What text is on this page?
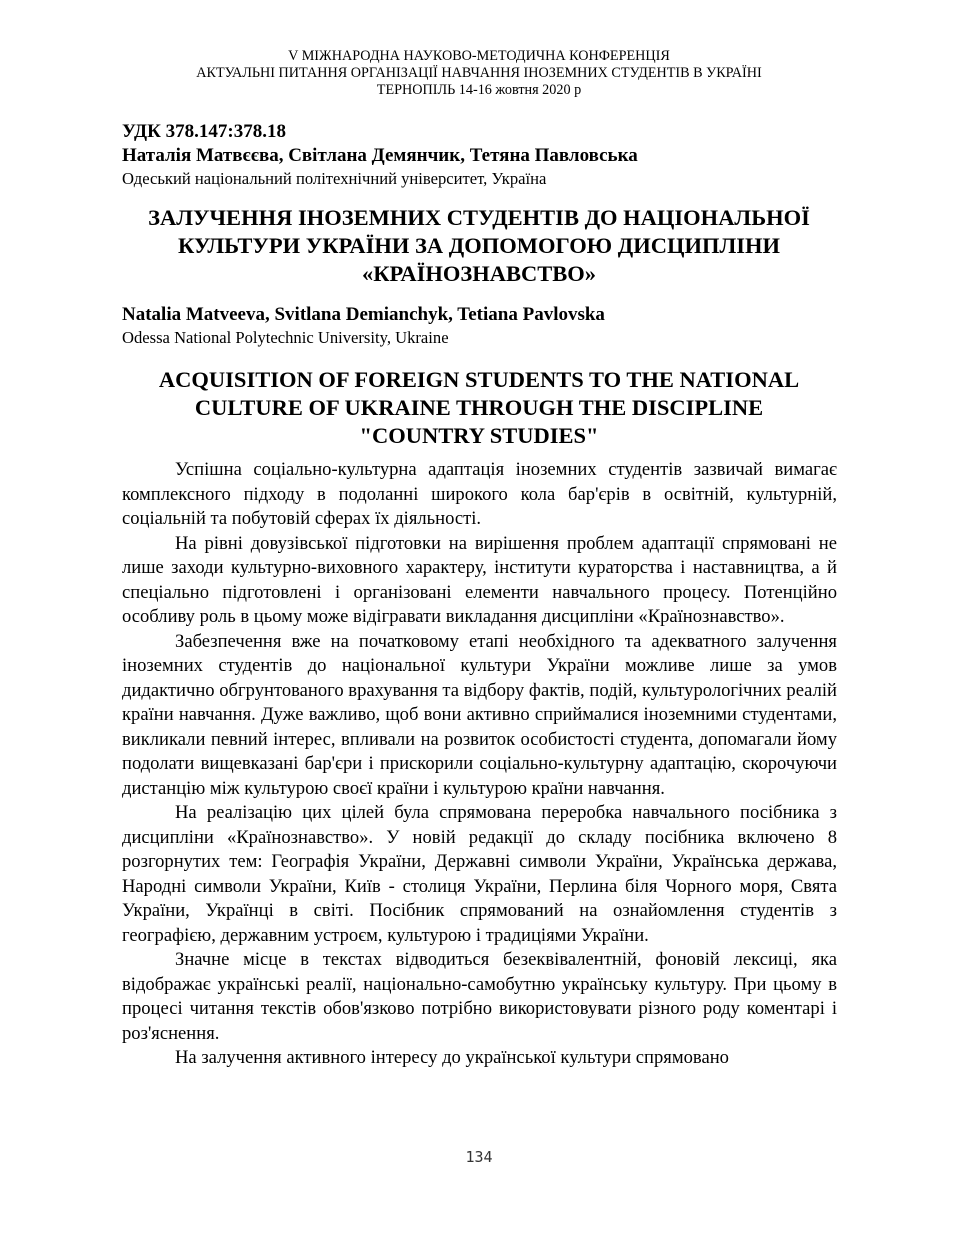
V МІЖНАРОДНА НАУКОВО-МЕТОДИЧНА КОНФЕРЕНЦІЯ
АКТУАЛЬНІ ПИТАННЯ ОРГАНІЗАЦІЇ НАВЧАННЯ ІНОЗЕМНИХ СТУДЕНТІВ В УКРАЇНІ
ТЕРНОПІЛЬ 14-16 жовтня 2020 р
УДК 378.147:378.18
Наталія Матвєєва, Світлана Демянчик, Тетяна Павловська
Одеський національний політехнічний університет, Україна
ЗАЛУЧЕННЯ ІНОЗЕМНИХ СТУДЕНТІВ ДО НАЦІОНАЛЬНОЇ
КУЛЬТУРИ УКРАЇНИ ЗА ДОПОМОГОЮ ДИСЦИПЛІНИ
«КРАЇНОЗНАВСТВО»
Natalia Matveeva, Svitlana Demianchyk, Tetiana Pavlovska
Odessa National Polytechnic University, Ukraine
ACQUISITION OF FOREIGN STUDENTS TO THE NATIONAL
CULTURE OF UKRAINE THROUGH THE DISCIPLINE
"COUNTRY STUDIES"

Успішна соціально-культурна адаптація іноземних студентів зазвичай вимагає комплексного підходу в подоланні широкого кола бар'єрів в освітній, культурній, соціальній та побутовій сферах їх діяльності.

На рівні довузівської підготовки на вирішення проблем адаптації спрямовані не лише заходи культурно-виховного характеру, інститути кураторства і наставництва, а й спеціально підготовлені і організовані елементи навчального процесу. Потенційно особливу роль в цьому може відігравати викладання дисципліни «Країнознавство».

Забезпечення вже на початковому етапі необхідного та адекватного залучення іноземних студентів до національної культури України можливе лише за умов дидактично обгрунтованого врахування та відбору фактів, подій, культурологічних реалій країни навчання. Дуже важливо, щоб вони активно сприймалися іноземними студентами, викликали певний інтерес, впливали на розвиток особистості студента, допомагали йому подолати вищевказані бар'єри і прискорили соціально-культурну адаптацію, скорочуючи дистанцію між культурою своєї країни і культурою країни навчання.

На реалізацію цих цілей була спрямована переробка навчального посібника з дисципліни «Країнознавство». У новій редакції до складу посібника включено 8 розгорнутих тем: Географія України, Державні символи України, Українська держава, Народні символи України, Київ - столиця України, Перлина біля Чорного моря, Свята України, Українці в світі. Посібник спрямований на ознайомлення студентів з географією, державним устроєм, культурою і традиціями України.

Значне місце в текстах відводиться безеквівалентній, фоновій лексиці, яка відображає українські реалії, національно-самобутню українську культуру. При цьому в процесі читання текстів обов'язково потрібно використовувати різного роду коментарі і роз'яснення.

На залучення активного інтересу до української культури спрямовано

134
